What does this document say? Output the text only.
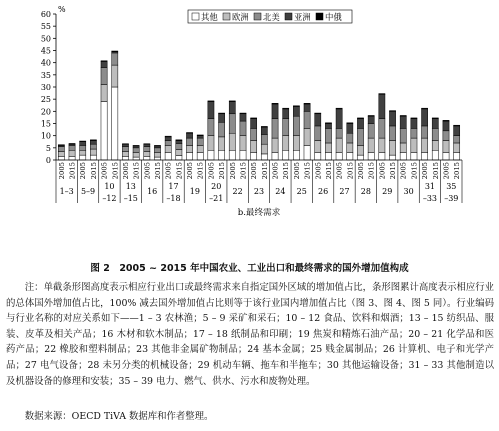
其他 欧洲 北美 亚洲 中俄
0
5
10
15
20
25
30
35
40
45
50
55
60
%
2005 2015 2005 2015 2005 2015 2005 2015 2005 2015 2005 2015 2005 2015 2005 2015 2005 2015 2005 2015 2005 2015 2005 2015 2005 2015 2005 2015 2005 2015 2005 2015 2005 2015 2005 2015 2005 2015
1–3 5–9
10
–12
13
–15
16
17
–18
19
20
–21
22 23 24 25 26 27 28 29 30
31
–33
35
–39
b.最终需求
图 2　2005 ~ 2015 年中国农业、工业出口和最终需求的国外增加值构成

注：单截条形图高度表示相应行业出口或最终需求来自指定国外区域的增加值占比，条形图累计高度表示相应行业的总体国外增加值占比，100% 减去国外增加值占比则等于该行业国内增加值占比（图 3、图 4、图 5 同）。行业编码与行业名称的对应关系如下——1 – 3 农林渔；5 – 9 采矿和采石；10 – 12 食品、饮料和烟酒；13 – 15 纺织品、服装、皮革及相关产品；16 木材和软木制品；17 – 18 纸制品和印刷；19 焦炭和精炼石油产品；20 – 21 化学品和医药产品；22 橡胶和塑料制品；23 其他非金属矿物制品；24 基本金属；25 贱金属制品；26 计算机、电子和光学产品；27 电气设备；28 未另分类的机械设备；29 机动车辆、拖车和半拖车；30 其他运输设备；31 – 33 其他制造以及机器设备的修理和安装；35 – 39 电力、燃气、供水、污水和废物处理。

数据来源：OECD TiVA 数据库和作者整理。
